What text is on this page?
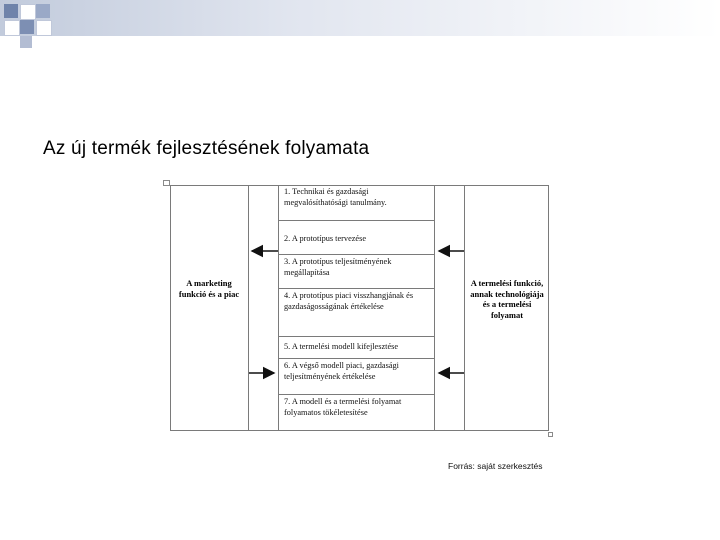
Az új termék fejlesztésének folyamata
A marketing funkció és a piac
A termelési funkció, annak technológiája és a termelési folyamat
1. Technikai és gazdasági megvalósíthatósági tanulmány.
2. A prototípus tervezése
3. A prototípus teljesítményének megállapítása
4. A prototípus piaci visszhangjának és gazdaságosságának értékelése
5. A termelési modell kifejlesztése
6. A végső modell piaci, gazdasági teljesítményének értékelése
7. A modell és a termelési folyamat folyamatos tökéletesítése
Forrás: saját szerkesztés
